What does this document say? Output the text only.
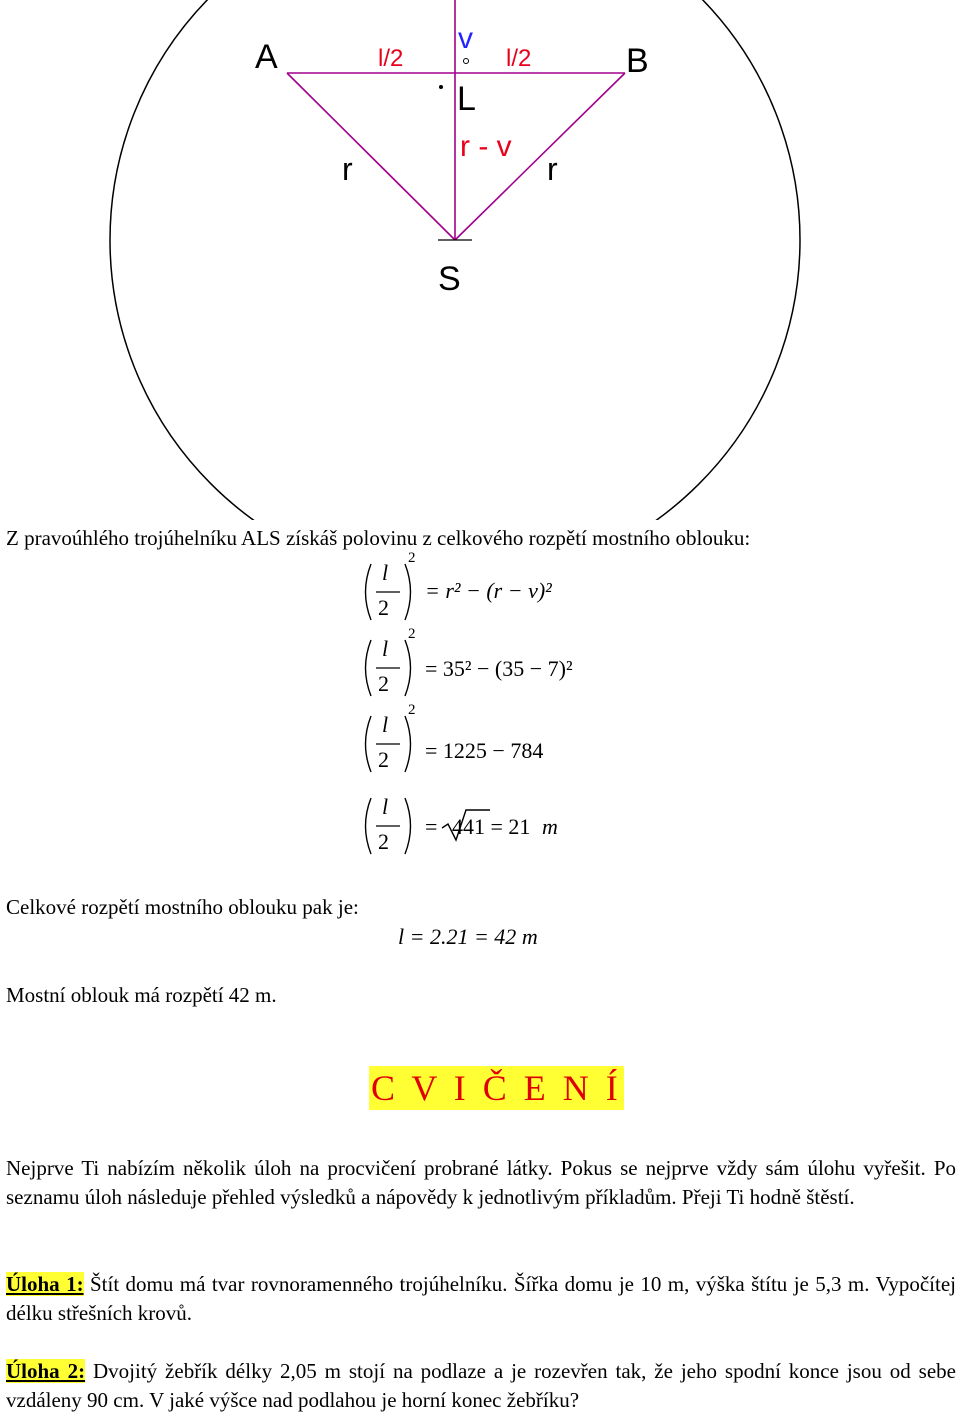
A	B
v
l/2	l/2
L
r - v
r	r
S
Z pravoúhlého trojúhelníku ALS získáš polovinu z celkového rozpětí mostního oblouku:
l
2
2
= r² − (r − v)²
l
2
2
= 35² − (35 − 7)²
l
2
2
= 1225 − 784
l
2
= 441 = 21 m
Celkové rozpětí mostního oblouku pak je:
l = 2.21 = 42 m
Mostní oblouk má rozpětí 42 m.
C V I Č E N Í
Nejprve Ti nabízím několik úloh na procvičení probrané látky. Pokus se nejprve vždy sám úlohu vyřešit. Po seznamu úloh následuje přehled výsledků a nápovědy k jednotlivým příkladům. Přeji Ti hodně štěstí.
Úloha 1: Štít domu má tvar rovnoramenného trojúhelníku. Šířka domu je 10 m, výška štítu je 5,3 m. Vypočítej délku střešních krovů.
Úloha 2: Dvojitý žebřík délky 2,05 m stojí na podlaze a je rozevřen tak, že jeho spodní konce jsou od sebe vzdáleny 90 cm. V jaké výšce nad podlahou je horní konec žebříku?
